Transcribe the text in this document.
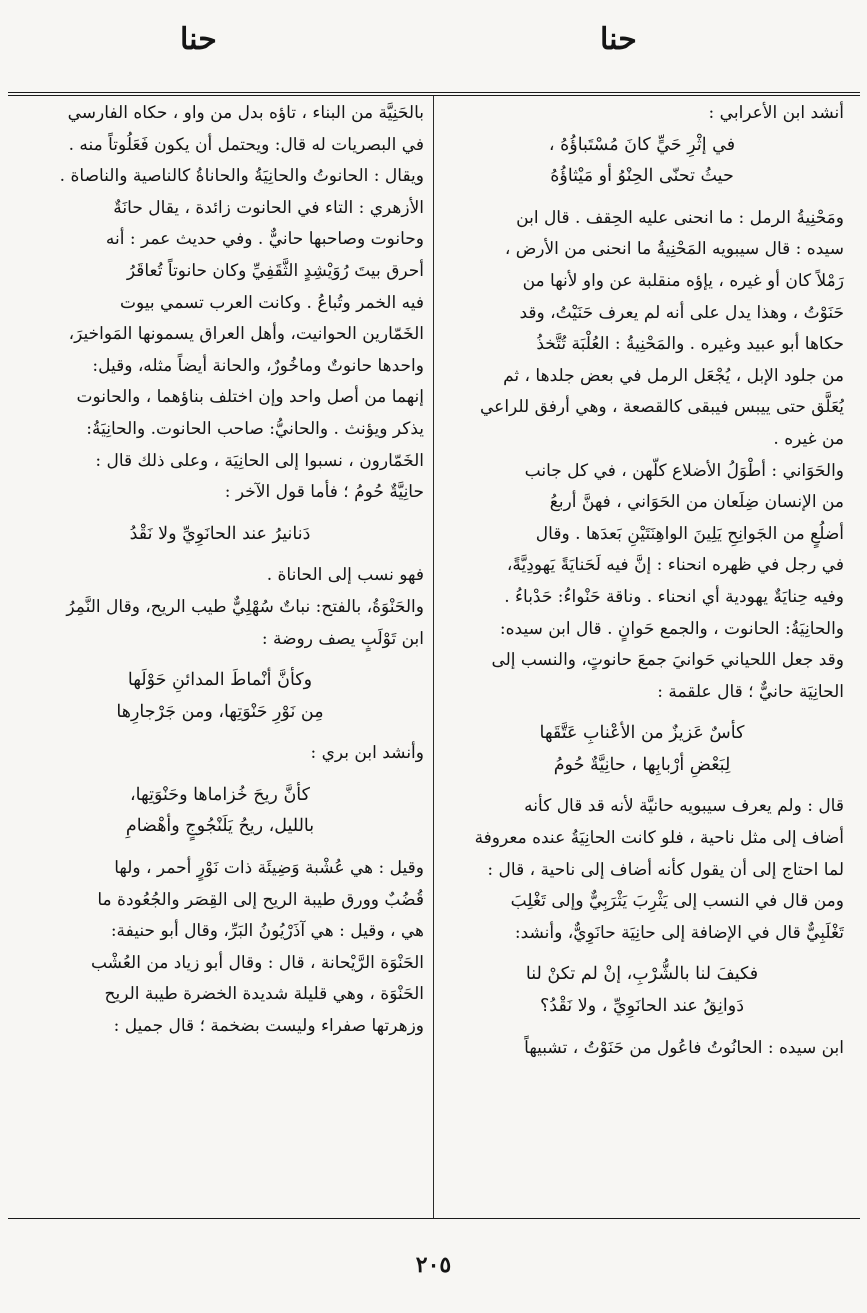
حنا
حنا

أنشد ابن الأعرابي :

في إثْرِ حَيٍّ كانَ مُسْتَباؤُهُ ،

حيثُ تحنّى الحِنْوُ أو مَيْثاؤُهُ

ومَحْنِيةُ الرمل : ما انحنى عليه الحِقف . قال ابن

سيده : قال سيبويه المَحْنِيةُ ما انحنى من الأرض ،

رَمْلاً كان أو غيره ، يإؤه منقلبة عن واو لأنها من

حَنَوْتُ ، وهذا يدل على أنه لم يعرف حَنَيْتُ، وقد

حكاها أبو عبيد وغيره . والمَحْنِيةُ : العُلْبَة تُتَّخذُ

من جلود الإبل ، يُجْعَل الرمل في بعض جلدها ، ثم

يُعَلَّق حتى ييبس فيبقى كالقصعة ، وهي أرفق للراعي

من غيره .

والحَوَاني : أطْوَلُ الأضلاع كلّهن ، في كل جانب

من الإنسان ضِلَعان من الحَوَاني ، فهنَّ أربعُ

أضلُعٍ من الجَوانِحِ يَلِينَ الواهِنَتَيْنِ بَعدَها . وقال

في رجل في ظهره انحناء : إنَّ فيه لَحَنايَةً يَهودِيَّةً،

وفيه حِنايَةٌ يهودية أي انحناء . وناقة حَنْواءُ: حَدْباءُ .

والحانِيَةُ: الحانوت ، والجمع حَوانٍ . قال ابن سيده:

وقد جعل اللحياني حَوانيَ جمعَ حانوتٍ، والنسب إلى

الحانِيَة حانيٌّ ؛ قال علقمة :

كأسٌ عَزيزٌ من الأعْنابِ عَتَّقَها

لِبَعْضِ أرْبابِها ، حانِيَّةٌ حُومُ

قال : ولم يعرف سيبويه حانيَّة لأنه قد قال كأنه

أضاف إلى مثل ناحية ، فلو كانت الحانِيَةُ عنده معروفة

لما احتاج إلى أن يقول كأنه أضاف إلى ناحية ، قال :

ومن قال في النسب إلى يَثْرِبَ يَثْرَبِيٌّ وإلى تَغْلِبَ

تَغْلَبِيٌّ قال في الإضافة إلى حانِيَة حانَوِيٌّ، وأنشد:

فكيفَ لنا بالشُّرْبِ، إنْ لم تكنْ لنا

دَوانِقُ عند الحانَوِيِّ ، ولا نَقْدُ؟

ابن سيده : الحانُوتُ فاعُول من حَنَوْتُ ، تشبيهاً

بالحَنِيَّة من البناء ، تاؤه بدل من واو ، حكاه الفارسي

في البصريات له قال: ويحتمل أن يكون فَعَلُوتاً منه .

ويقال : الحانوتُ والحانِيَةُ والحاناةُ كالناصية والناصاة .

الأزهري : التاء في الحانوت زائدة ، يقال حانَةٌ

وحانوت وصاحبها حانيٌّ . وفي حديث عمر : أنه

أحرق بيتَ رُوَيْشِدٍ الثَّقَفِيِّ وكان حانوتاً تُعاقَرُ

فيه الخمر وتُباعُ . وكانت العرب تسمي بيوت

الخَمّارين الحوانيت، وأهل العراق يسمونها المَواخيرَ،

واحدها حانوتٌ وماخُورٌ، والحانة أيضاً مثله، وقيل:

إنهما من أصل واحد وإن اختلف بناؤهما ، والحانوت

يذكر ويؤنث . والحانيُّ: صاحب الحانوت. والحانِيَةُ:

الخَمّارون ، نسبوا إلى الحانِيَة ، وعلى ذلك قال :

حانِيَّةٌ حُومُ ؛ فأما قول الآخر :

دَنانيرُ عند الحانَوِيِّ ولا نَقْدُ

فهو نسب إلى الحاناة .

والحَنْوَةُ، بالفتح: نباتٌ سُهْلِيٌّ طيب الريح، وقال النَّمِرُ

ابن تَوْلَبٍ يصف روضة :

وكأنَّ أنْماطَ المدائنِ حَوْلَها

مِن نَوْرِ حَنْوَتِها، ومن جَرْجارِها

وأنشد ابن بري :

كأنَّ ريحَ خُزاماها وحَنْوَتِها،

بالليل، ريحُ يَلَنْجُوجٍ وأهْضامِ

وقيل : هي عُشْبة وَضِيئَة ذات نَوْرٍ أحمر ، ولها

قُضُبٌ وورق طيبة الريح إلى القِصَر والجُعُودة ما

هي ، وقيل : هي آذَرْيُونُ البَرِّ، وقال أبو حنيفة:

الحَنْوَة الرَّيْحانة ، قال : وقال أبو زياد من العُشْب

الحَنْوَة ، وهي قليلة شديدة الخضرة طيبة الريح

وزهرتها صفراء وليست بضخمة ؛ قال جميل :

٢٠٥
